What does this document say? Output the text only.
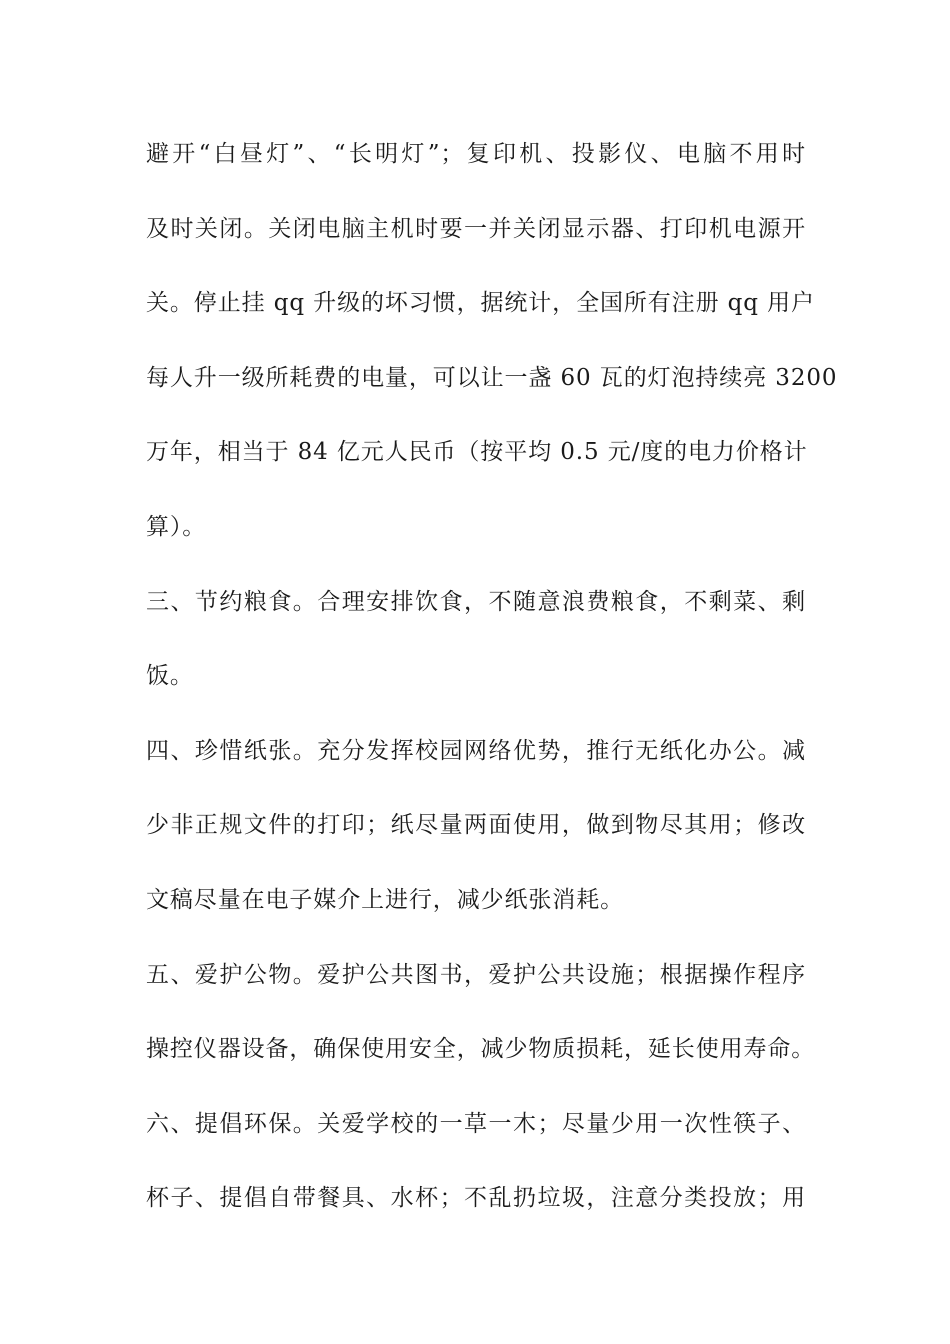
避开“白昼灯”、“长明灯”；复印机、投影仪、电脑不用时
及时关闭。关闭电脑主机时要一并关闭显示器、打印机电源开
关。停止挂 qq 升级的坏习惯，据统计，全国所有注册 qq 用户
每人升一级所耗费的电量，可以让一盏 60 瓦的灯泡持续亮 3200
万年，相当于 84 亿元人民币（按平均 0.5 元/度的电力价格计
算）。
三、节约粮食。合理安排饮食，不随意浪费粮食，不剩菜、剩
饭。
四、珍惜纸张。充分发挥校园网络优势，推行无纸化办公。减
少非正规文件的打印；纸尽量两面使用，做到物尽其用；修改
文稿尽量在电子媒介上进行，减少纸张消耗。
五、爱护公物。爱护公共图书，爱护公共设施；根据操作程序
操控仪器设备，确保使用安全，减少物质损耗，延长使用寿命。
六、提倡环保。关爱学校的一草一木；尽量少用一次性筷子、
杯子、提倡自带餐具、水杯；不乱扔垃圾，注意分类投放；用
